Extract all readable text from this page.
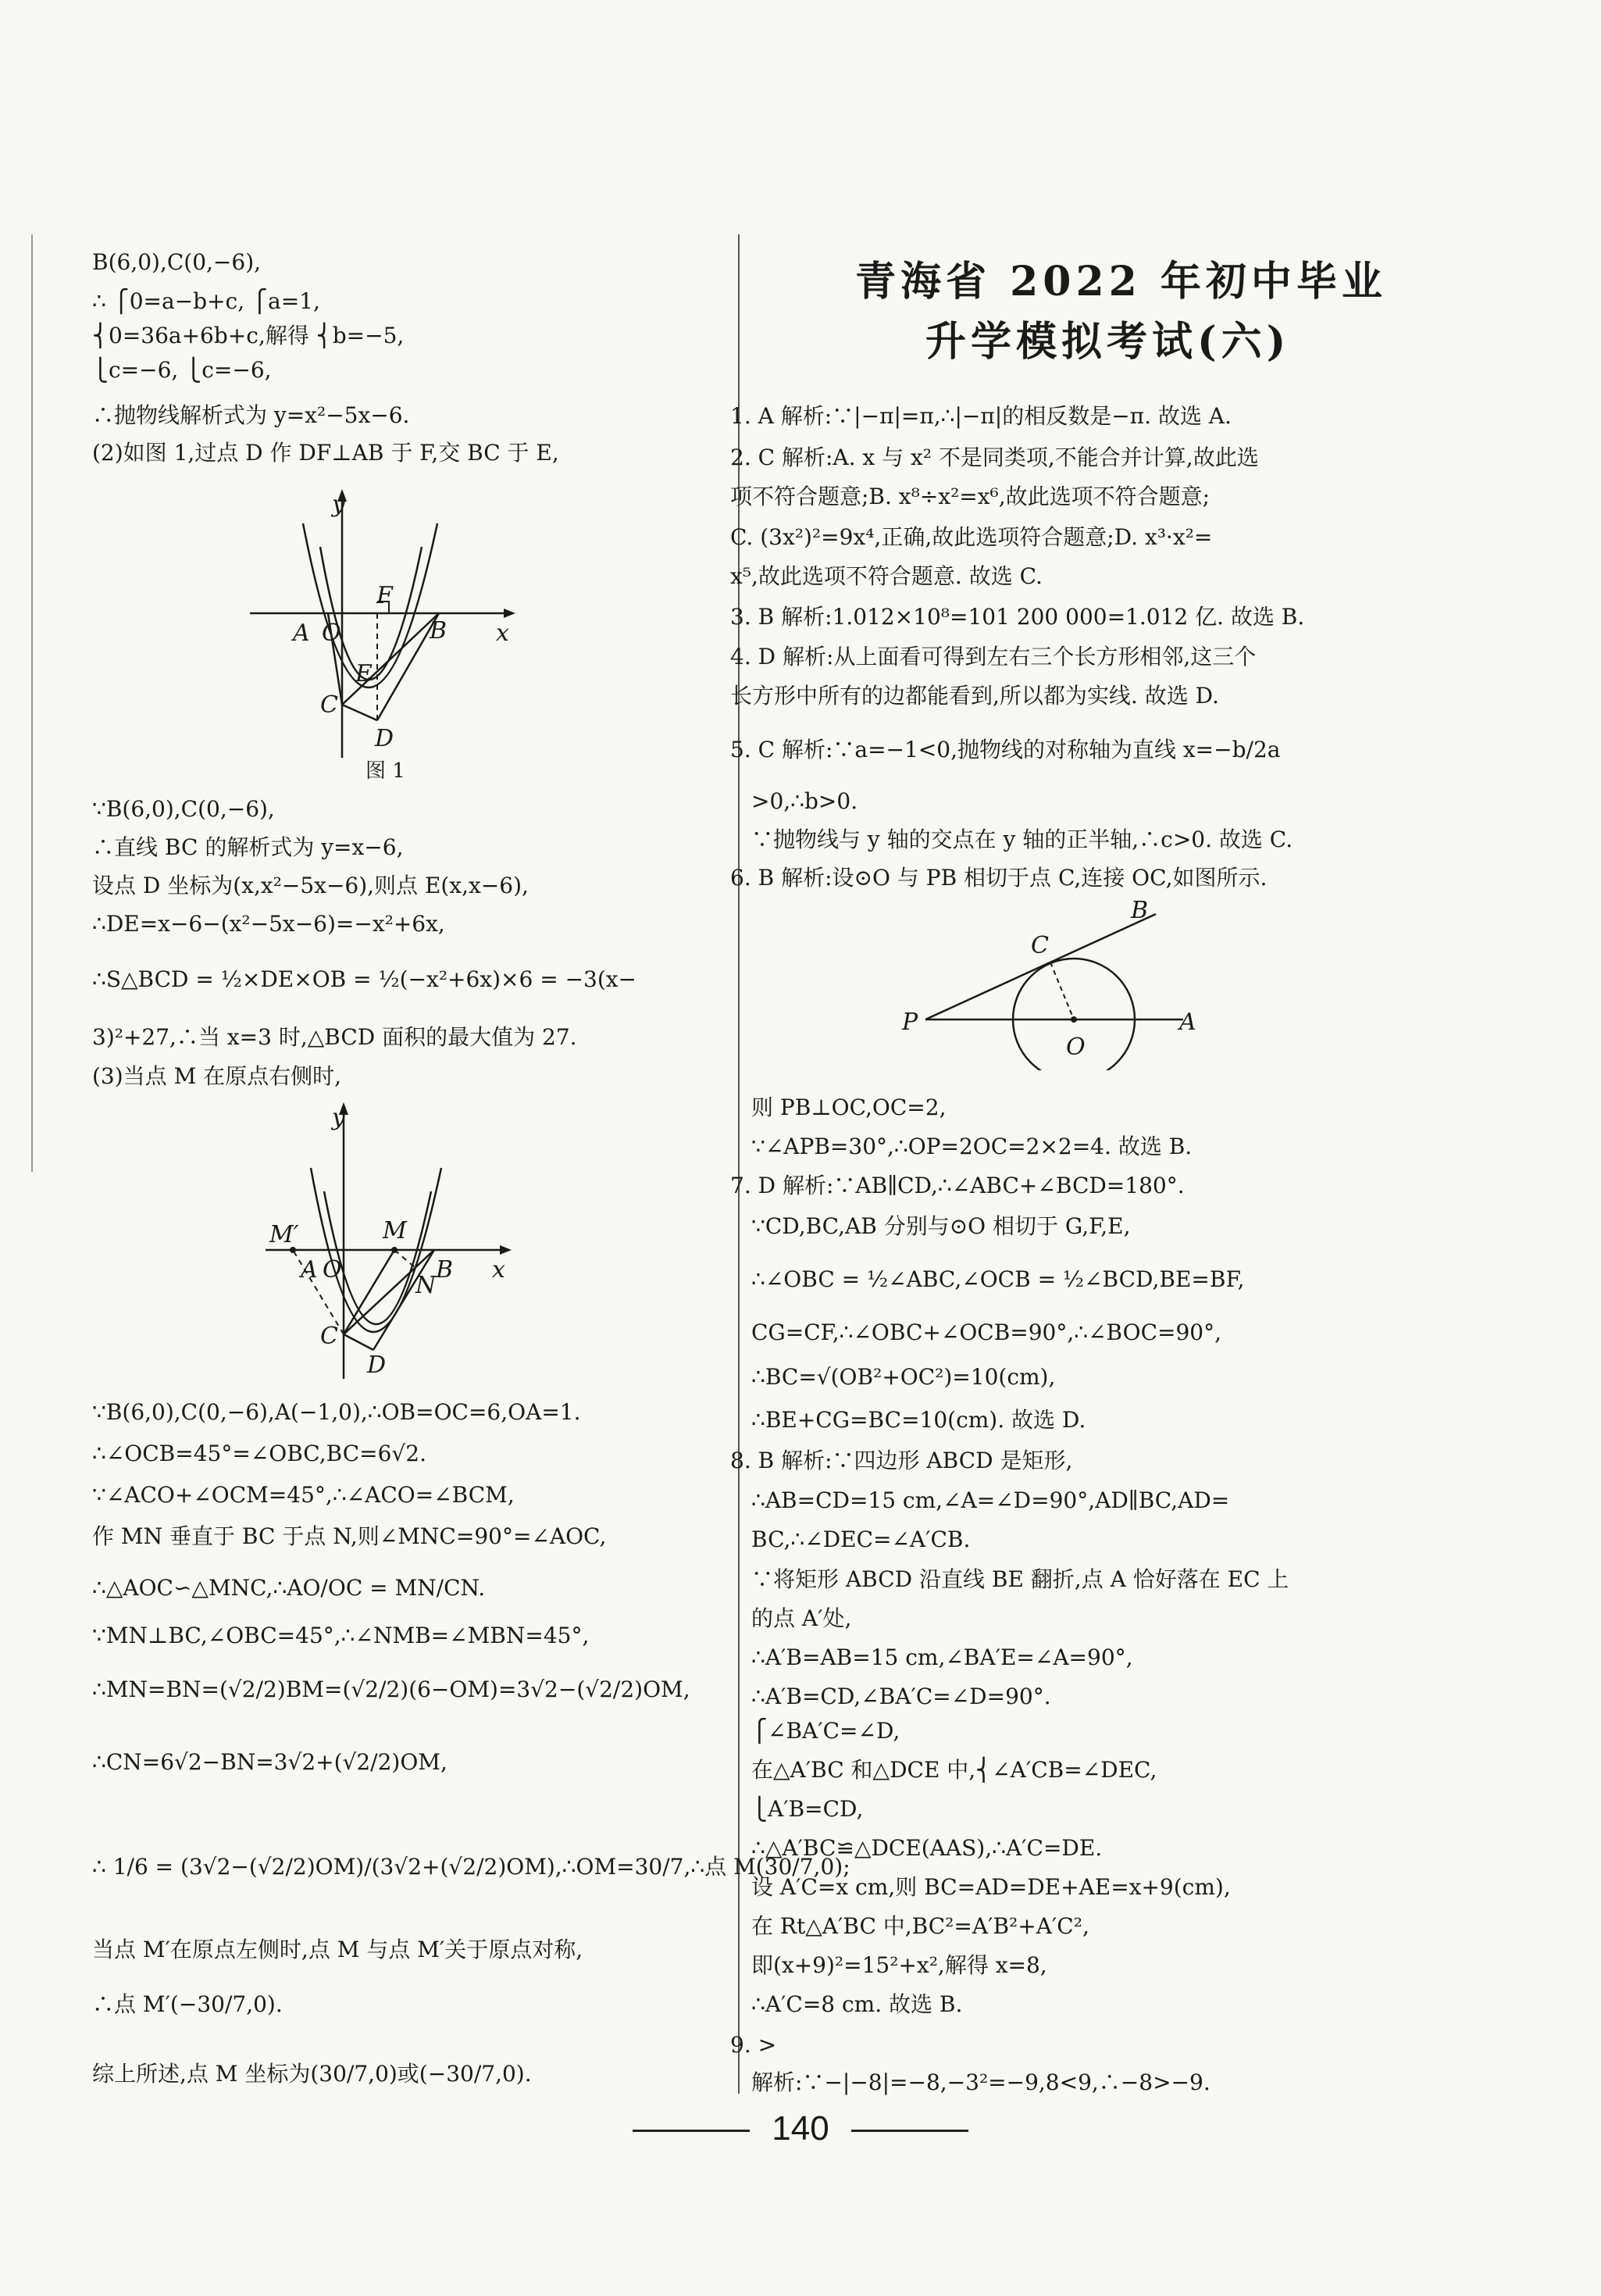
B(6,0),C(0,−6),
∴ ⎧0=a−b+c, ⎧a=1,
⎨0=36a+6b+c,解得 ⎨b=−5,
⎩c=−6, ⎩c=−6,
∴抛物线解析式为 y=x²−5x−6.
(2)如图 1,过点 D 作 DF⊥AB 于 F,交 BC 于 E,
y
x
A O
F
B
E
C
D
图 1
∵B(6,0),C(0,−6),
∴直线 BC 的解析式为 y=x−6,
设点 D 坐标为(x,x²−5x−6),则点 E(x,x−6),
∴DE=x−6−(x²−5x−6)=−x²+6x,
∴S△BCD = ½×DE×OB = ½(−x²+6x)×6 = −3(x−
3)²+27,∴当 x=3 时,△BCD 面积的最大值为 27.
(3)当点 M 在原点右侧时,
y
x
M′
A O
M
B
N
C
D
∵B(6,0),C(0,−6),A(−1,0),∴OB=OC=6,OA=1.
∴∠OCB=45°=∠OBC,BC=6√2.
∵∠ACO+∠OCM=45°,∴∠ACO=∠BCM,
作 MN 垂直于 BC 于点 N,则∠MNC=90°=∠AOC,
∴△AOC∽△MNC,∴AO/OC = MN/CN.
∵MN⊥BC,∠OBC=45°,∴∠NMB=∠MBN=45°,
∴MN=BN=(√2/2)BM=(√2/2)(6−OM)=3√2−(√2/2)OM,
∴CN=6√2−BN=3√2+(√2/2)OM,
∴ 1/6 = (3√2−(√2/2)OM)/(3√2+(√2/2)OM),∴OM=30/7,∴点 M(30/7,0);
当点 M′在原点左侧时,点 M 与点 M′关于原点对称,
∴点 M′(−30/7,0).
综上所述,点 M 坐标为(30/7,0)或(−30/7,0).
青海省 2022 年初中毕业
升学模拟考试(六)
1. A 解析:∵|−π|=π,∴|−π|的相反数是−π. 故选 A.
2. C 解析:A. x 与 x² 不是同类项,不能合并计算,故此选
项不符合题意;B. x⁸÷x²=x⁶,故此选项不符合题意;
C. (3x²)²=9x⁴,正确,故此选项符合题意;D. x³·x²=
x⁵,故此选项不符合题意. 故选 C.
3. B 解析:1.012×10⁸=101 200 000=1.012 亿. 故选 B.
4. D 解析:从上面看可得到左右三个长方形相邻,这三个
长方形中所有的边都能看到,所以都为实线. 故选 D.
5. C 解析:∵a=−1<0,抛物线的对称轴为直线 x=−b/2a
>0,∴b>0.
∵抛物线与 y 轴的交点在 y 轴的正半轴,∴c>0. 故选 C.
6. B 解析:设⊙O 与 PB 相切于点 C,连接 OC,如图所示.
B
C
P
O
A
则 PB⊥OC,OC=2,
∵∠APB=30°,∴OP=2OC=2×2=4. 故选 B.
7. D 解析:∵AB∥CD,∴∠ABC+∠BCD=180°.
∵CD,BC,AB 分别与⊙O 相切于 G,F,E,
∴∠OBC = ½∠ABC,∠OCB = ½∠BCD,BE=BF,
CG=CF,∴∠OBC+∠OCB=90°,∴∠BOC=90°,
∴BC=√(OB²+OC²)=10(cm),
∴BE+CG=BC=10(cm). 故选 D.
8. B 解析:∵四边形 ABCD 是矩形,
∴AB=CD=15 cm,∠A=∠D=90°,AD∥BC,AD=
BC,∴∠DEC=∠A′CB.
∵将矩形 ABCD 沿直线 BE 翻折,点 A 恰好落在 EC 上
的点 A′处,
∴A′B=AB=15 cm,∠BA′E=∠A=90°,
∴A′B=CD,∠BA′C=∠D=90°.
⎧∠BA′C=∠D,
在△A′BC 和△DCE 中,⎨∠A′CB=∠DEC,
⎩A′B=CD,
∴△A′BC≌△DCE(AAS),∴A′C=DE.
设 A′C=x cm,则 BC=AD=DE+AE=x+9(cm),
在 Rt△A′BC 中,BC²=A′B²+A′C²,
即(x+9)²=15²+x²,解得 x=8,
∴A′C=8 cm. 故选 B.
9. >
解析:∵−|−8|=−8,−3²=−9,8<9,∴−8>−9.
140
